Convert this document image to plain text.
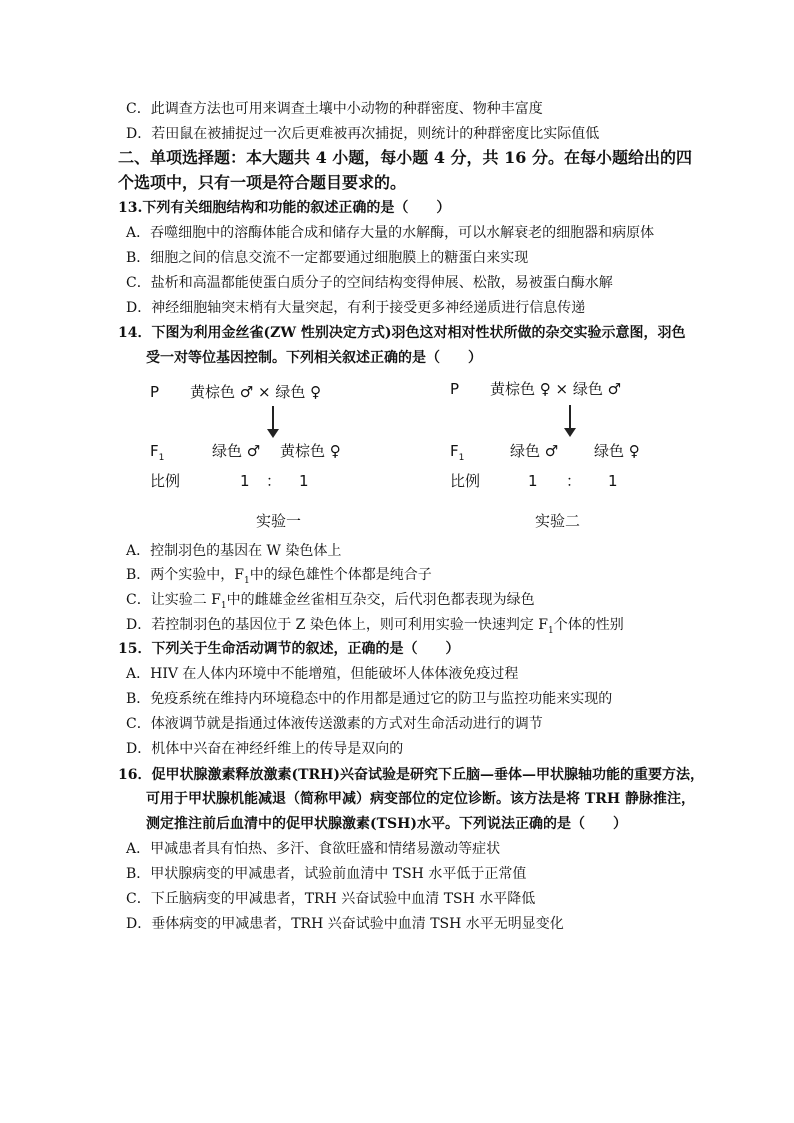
C．此调查方法也可用来调查土壤中小动物的种群密度、物种丰富度
D．若田鼠在被捕捉过一次后更难被再次捕捉，则统计的种群密度比实际值低
二、单项选择题：本大题共 4 小题，每小题 4 分，共 16 分。在每小题给出的四
个选项中，只有一项是符合题目要求的。
13.下列有关细胞结构和功能的叙述正确的是（　　）
A．吞噬细胞中的溶酶体能合成和储存大量的水解酶，可以水解衰老的细胞器和病原体
B．细胞之间的信息交流不一定都要通过细胞膜上的糖蛋白来实现
C．盐析和高温都能使蛋白质分子的空间结构变得伸展、松散，易被蛋白酶水解
D．神经细胞轴突末梢有大量突起，有利于接受更多神经递质进行信息传递
14．下图为利用金丝雀(ZW 性别决定方式)羽色这对相对性状所做的杂交实验示意图，羽色
受一对等位基因控制。下列相关叙述正确的是（　　）
P 黄棕色 ♂ × 绿色 ♀
$F_1$	绿色 ♂ 黄棕色 ♀
比例	1 ： 1
实验一
P 黄棕色 ♀ × 绿色 ♂
$F_1$	绿色 ♂ 绿色 ♀
比例	1 ： 1
实验二
A．控制羽色的基因在 W 染色体上
B．两个实验中，$F_1$中的绿色雄性个体都是纯合子
C．让实验二 $F_1$中的雌雄金丝雀相互杂交，后代羽色都表现为绿色
D．若控制羽色的基因位于 Z 染色体上，则可利用实验一快速判定 $F_1$个体的性别
15．下列关于生命活动调节的叙述，正确的是（　　）
A．HIV 在人体内环境中不能增殖，但能破坏人体体液免疫过程
B．免疫系统在维持内环境稳态中的作用都是通过它的防卫与监控功能来实现的
C．体液调节就是指通过体液传送激素的方式对生命活动进行的调节
D．机体中兴奋在神经纤维上的传导是双向的
16．促甲状腺激素释放激素(TRH)兴奋试验是研究下丘脑—垂体—甲状腺轴功能的重要方法，
可用于甲状腺机能减退（简称甲减）病变部位的定位诊断。该方法是将 TRH 静脉推注，
测定推注前后血清中的促甲状腺激素(TSH)水平。下列说法正确的是（　　）
A．甲减患者具有怕热、多汗、食欲旺盛和情绪易激动等症状
B．甲状腺病变的甲减患者，试验前血清中 TSH 水平低于正常值
C．下丘脑病变的甲减患者，TRH 兴奋试验中血清 TSH 水平降低
D．垂体病变的甲减患者，TRH 兴奋试验中血清 TSH 水平无明显变化
